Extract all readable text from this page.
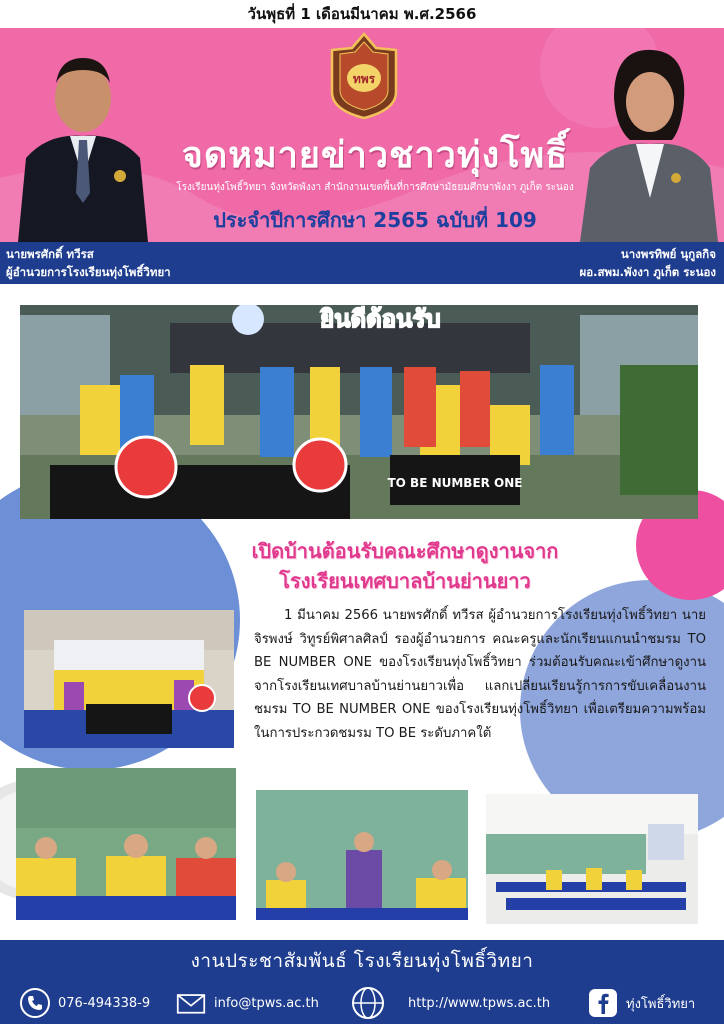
วันพุธที่ 1 เดือนมีนาคม พ.ศ.2566
ทพร
จดหมายข่าวชาวทุ่งโพธิ์
โรงเรียนทุ่งโพธิ์วิทยา จังหวัดพังงา สำนักงานเขตพื้นที่การศึกษามัธยมศึกษาพังงา ภูเก็ต ระนอง
ประจำปีการศึกษา 2565 ฉบับที่ 109
นายพรศักดิ์ ทวีรส
ผู้อำนวยการโรงเรียนทุ่งโพธิ์วิทยา
นางพรทิพย์ นุกูลกิจ
ผอ.สพม.พังงา ภูเก็ต ระนอง
ยินดีต้อนรับ
TO BE NUMBER ONE
เปิดบ้านต้อนรับคณะศึกษาดูงานจาก
โรงเรียนเทศบาลบ้านย่านยาว
1 มีนาคม 2566 นายพรศักดิ์ ทวีรส ผู้อำนวยการโรงเรียนทุ่งโพธิ์วิทยา นายจิรพงษ์ วิทูรย์พิศาลศิลป์ รองผู้อำนวยการ คณะครูและนักเรียนแกนนำชมรม TO BE NUMBER ONE ของโรงเรียนทุ่งโพธิ์วิทยา ร่วมต้อนรับคณะเข้าศึกษาดูงานจากโรงเรียนเทศบาลบ้านย่านยาวเพื่อ แลกเปลี่ยนเรียนรู้การการขับเคลื่อนงานชมรม TO BE NUMBER ONE ของโรงเรียนทุ่งโพธิ์วิทยา เพื่อเตรียมความพร้อมในการประกวดชมรม TO BE ระดับภาคใต้
งานประชาสัมพันธ์ โรงเรียนทุ่งโพธิ์วิทยา
076-494338-9	info@tpws.ac.th	http://www.tpws.ac.th	ทุ่งโพธิ์วิทยา
